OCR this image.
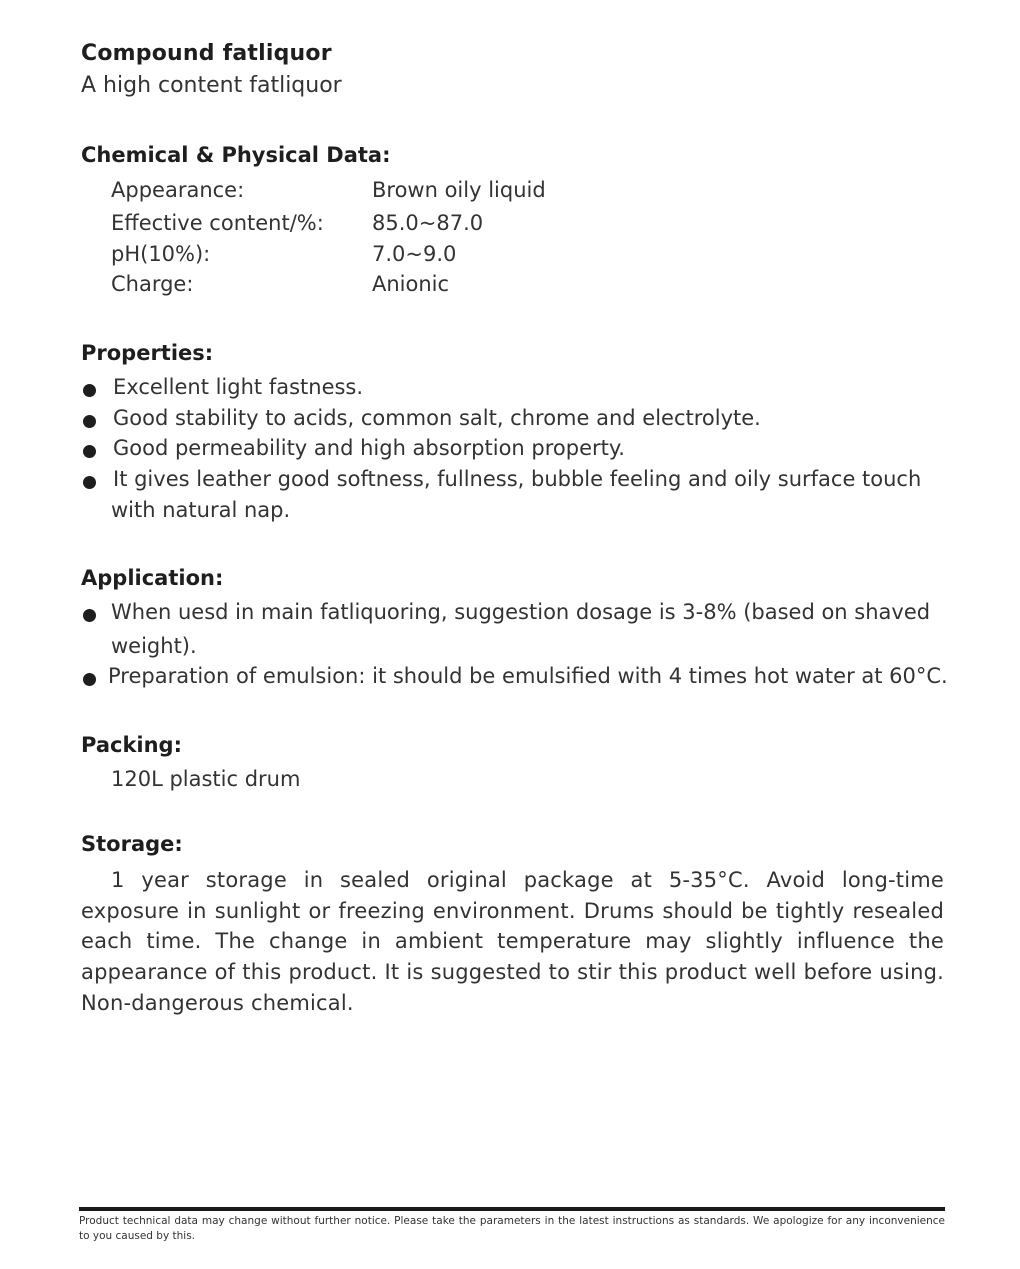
Compound fatliquor
A high content fatliquor
Chemical & Physical Data:
Appearance:	Brown oily liquid
Effective content/%: 85.0~87.0
pH(10%):	7.0~9.0
Charge:	Anionic
Properties:
Excellent light fastness.
Good stability to acids, common salt, chrome and electrolyte.
Good permeability and high absorption property.
It gives leather good softness, fullness, bubble feeling and oily surface touch
with natural nap.
Application:
When uesd in main fatliquoring, suggestion dosage is 3-8% (based on shaved
weight).
Preparation of emulsion: it should be emulsified with 4 times hot water at 60°C.
Packing:
120L plastic drum
Storage:
1 year storage in sealed original package at 5-35°C. Avoid long-time exposure in sunlight or freezing environment. Drums should be tightly resealed each time. The change in ambient temperature may slightly influence the appearance of this product. It is suggested to stir this product well before using. Non-dangerous chemical.
Product technical data may change without further notice. Please take the parameters in the latest instructions as standards. We apologize for any inconvenience to you caused by this.
